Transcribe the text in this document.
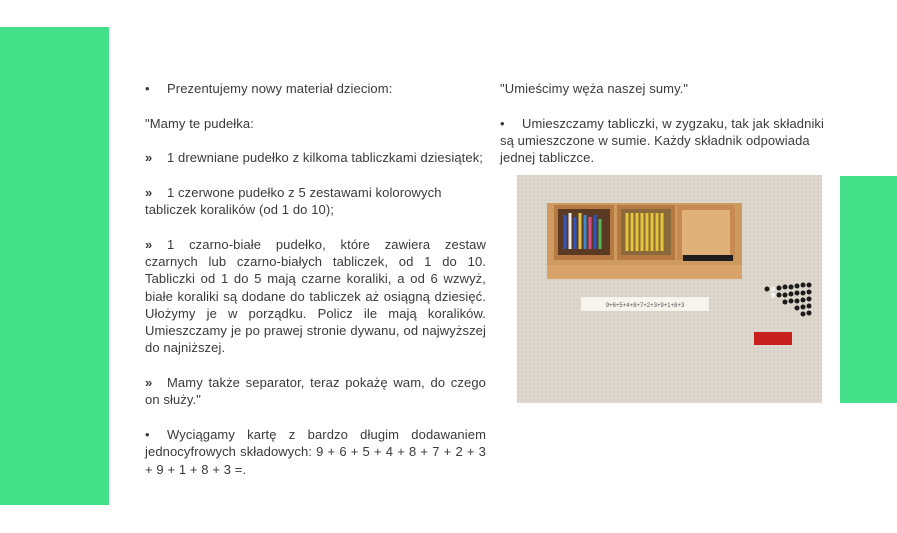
• Prezentujemy nowy materiał dzieciom:

"Mamy te pudełka:

» 1 drewniane pudełko z kilkoma tabliczkami dziesiątek;

» 1 czerwone pudełko z 5 zestawami kolorowych tabliczek koralików (od 1 do 10);

» 1 czarno-białe pudełko, które zawiera zestaw czarnych lub czarno-białych tabliczek, od 1 do 10. Tabliczki od 1 do 5 mają czarne koraliki, a od 6 wzwyż, białe koraliki są dodane do tabliczek aż osiągną dziesięć. Ułożymy je w porządku. Policz ile mają koralików. Umieszczamy je po prawej stronie dywanu, od najwyższej do najniższej.

» Mamy także separator, teraz pokażę wam, do czego on służy."

• Wyciągamy kartę z bardzo długim dodawaniem jednocyfrowych składowych: 9 + 6 + 5 + 4 + 8 + 7 + 2 + 3 + 9 + 1 + 8 + 3 =.

"Umieścimy węża naszej sumy."

• Umieszczamy tabliczki, w zygzaku, tak jak składniki są umieszczone w sumie. Każdy składnik odpowiada jednej tabliczce.

9+6+5+4+8+7+2+3+9+1+8+3
